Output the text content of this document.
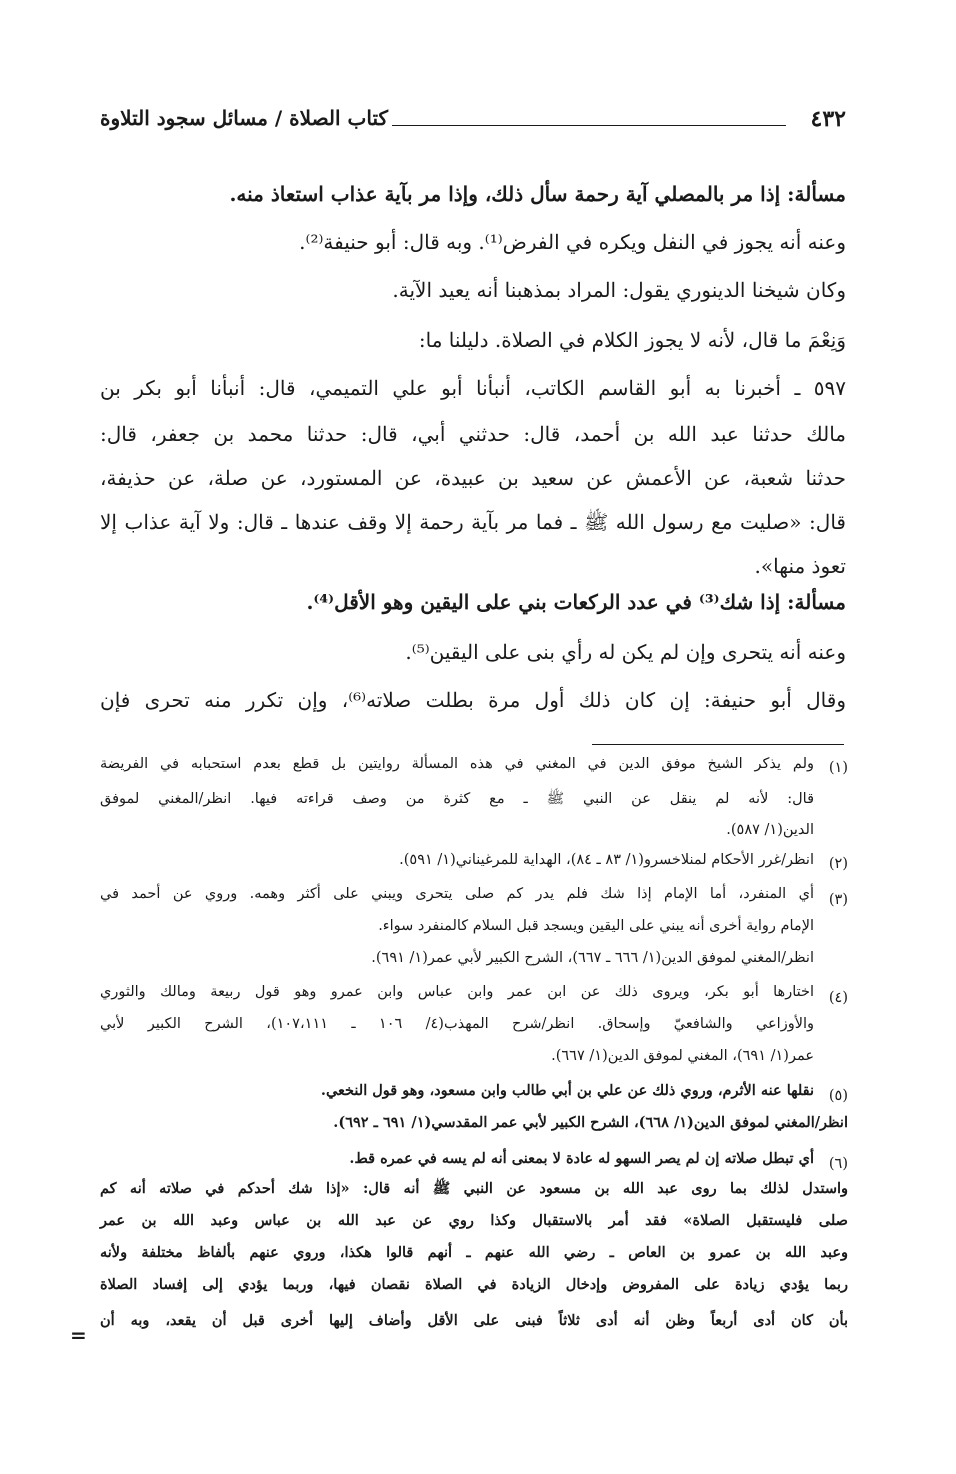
كتاب الصلاة / مسائل سجود التلاوة	٤٣٢
مسألة: إذا مر بالمصلي آية رحمة سأل ذلك، وإذا مر بآية عذاب استعاذ منه.
وعنه أنه يجوز في النفل ويكره في الفرض⁽¹⁾. وبه قال: أبو حنيفة⁽²⁾.
وكان شيخنا الدينوري يقول: المراد بمذهبنا أنه يعيد الآية.
وَنِعْمَ ما قال، لأنه لا يجوز الكلام في الصلاة. دليلنا ما:
٥٩٧ ـ أخبرنا به أبو القاسم الكاتب، أنبأنا أبو علي التميمي، قال: أنبأنا أبو بكر بن
مالك حدثنا عبد الله بن أحمد، قال: حدثني أبي، قال: حدثنا محمد بن جعفر، قال:
حدثنا شعبة، عن الأعمش عن سعيد بن عبيدة، عن المستورد، عن صلة، عن حذيفة،
قال: «صليت مع رسول الله ﷺ ـ فما مر بآية رحمة إلا وقف عندها ـ قال: ولا آية عذاب إلا
تعوذ منها».
مسألة: إذا شك⁽³⁾ في عدد الركعات بني على اليقين وهو الأقل⁽⁴⁾.
وعنه أنه يتحرى وإن لم يكن له رأي بنى على اليقين⁽⁵⁾.
وقال أبو حنيفة: إن كان ذلك أول مرة بطلت صلاته⁽⁶⁾، وإن تكرر منه تحرى فإن
(١)
ولم يذكر الشيخ موفق الدين في المغني في هذه المسألة روايتين بل قطع بعدم استحبابه في الفريضة
قال: لأنه لم ينقل عن النبي ﷺ ـ مع كثرة من وصف قراءته فيها. انظر/المغني لموفق
الدين(١/ ٥٨٧).
(٢)
انظر/غرر الأحكام لمنلاخسرو(١/ ٨٣ ـ ٨٤)، الهداية للمرغيناني(١/ ٥٩١).
(٣)
أي المنفرد، أما الإمام إذا شك فلم يدر كم صلى يتحرى ويبني على أكثر وهمه. وروي عن أحمد في
الإمام رواية أخرى أنه يبني على اليقين ويسجد قبل السلام كالمنفرد سواء.
انظر/المغني لموفق الدين(١/ ٦٦٦ ـ ٦٦٧)، الشرح الكبير لأبي عمر(١/ ٦٩١).
(٤)
اختارها أبو بكر، ويروى ذلك عن ابن عمر وابن عباس وابن عمرو وهو قول ربيعة ومالك والثوري
والأوزاعي والشافعيّ وإسحاق. انظر/شرح المهذب(٤/ ١٠٦ ـ ١٠٧،١١١)، الشرح الكبير لأبي
عمر(١/ ٦٩١)، المغني لموفق الدين(١/ ٦٦٧).
(٥)
نقلها عنه الأثرم، وروي ذلك عن علي بن أبي طالب وابن مسعود، وهو قول النخعي.
انظر/المغني لموفق الدين(١/ ٦٦٨)، الشرح الكبير لأبي عمر المقدسي(١/ ٦٩١ ـ ٦٩٢).
(٦)
أي تبطل صلاته إن لم يصر السهو له عادة لا بمعنى أنه لم يسه في عمره قط.
واستدل لذلك بما روى عبد الله بن مسعود عن النبي ﷺ أنه قال: «إذا شك أحدكم في صلاته أنه كم
صلى فليستقبل الصلاة» فقد أمر بالاستقبال وكذا روي عن عبد الله بن عباس وعبد الله بن عمر
وعبد الله بن عمرو بن العاص ـ رضي الله عنهم ـ أنهم قالوا هكذا، وروي عنهم بألفاظ مختلفة ولأنه
ربما يؤدي زيادة على المفروض وإدخال الزيادة في الصلاة نقصان فيها، وربما يؤدي إلى إفساد الصلاة
بأن كان أدى أربعاً وظن أنه أدى ثلاثاً فبنى على الأقل وأضاف إليها أخرى قبل أن يقعد، وبه أن
=
